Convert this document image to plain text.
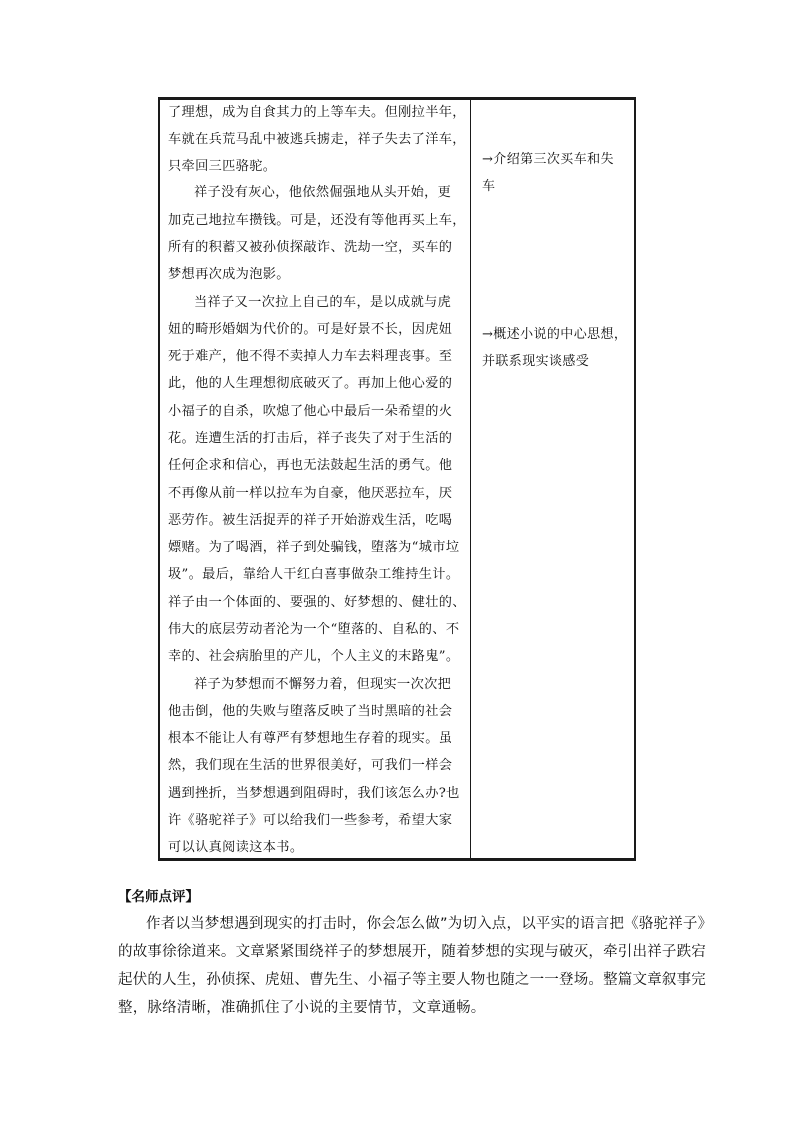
了理想，成为自食其力的上等车夫。但刚拉半年，
车就在兵荒马乱中被逃兵掳走，祥子失去了洋车，
只牵回三匹骆驼。
祥子没有灰心，他依然倔强地从头开始，更
加克己地拉车攒钱。可是，还没有等他再买上车，
所有的积蓄又被孙侦探敲诈、洗劫一空，买车的
梦想再次成为泡影。
当祥子又一次拉上自己的车，是以成就与虎
妞的畸形婚姻为代价的。可是好景不长，因虎妞
死于难产，他不得不卖掉人力车去料理丧事。至
此，他的人生理想彻底破灭了。再加上他心爱的
小福子的自杀，吹熄了他心中最后一朵希望的火
花。连遭生活的打击后，祥子丧失了对于生活的
任何企求和信心，再也无法鼓起生活的勇气。他
不再像从前一样以拉车为自豪，他厌恶拉车，厌
恶劳作。被生活捉弄的祥子开始游戏生活，吃喝
嫖赌。为了喝酒，祥子到处骗钱，堕落为“城市垃
圾”。最后，靠给人干红白喜事做杂工维持生计。
祥子由一个体面的、要强的、好梦想的、健壮的、
伟大的底层劳动者沦为一个“堕落的、自私的、不
幸的、社会病胎里的产儿，个人主义的末路鬼”。
祥子为梦想而不懈努力着，但现实一次次把
他击倒，他的失败与堕落反映了当时黑暗的社会
根本不能让人有尊严有梦想地生存着的现实。虽
然，我们现在生活的世界很美好，可我们一样会
遇到挫折，当梦想遇到阻碍时，我们该怎么办?也
许《骆驼祥子》可以给我们一些参考，希望大家
可以认真阅读这本书。
→介绍第三次买车和失
车
→概述小说的中心思想，
并联系现实谈感受
【名师点评】
作者以当梦想遇到现实的打击时，你会怎么做”为切入点，以平实的语言把《骆驼祥子》
的故事徐徐道来。文章紧紧围绕祥子的梦想展开，随着梦想的实现与破灭，牵引出祥子跌宕
起伏的人生，孙侦探、虎妞、曹先生、小福子等主要人物也随之一一登场。整篇文章叙事完
整，脉络清晰，准确抓住了小说的主要情节，文章通畅。
